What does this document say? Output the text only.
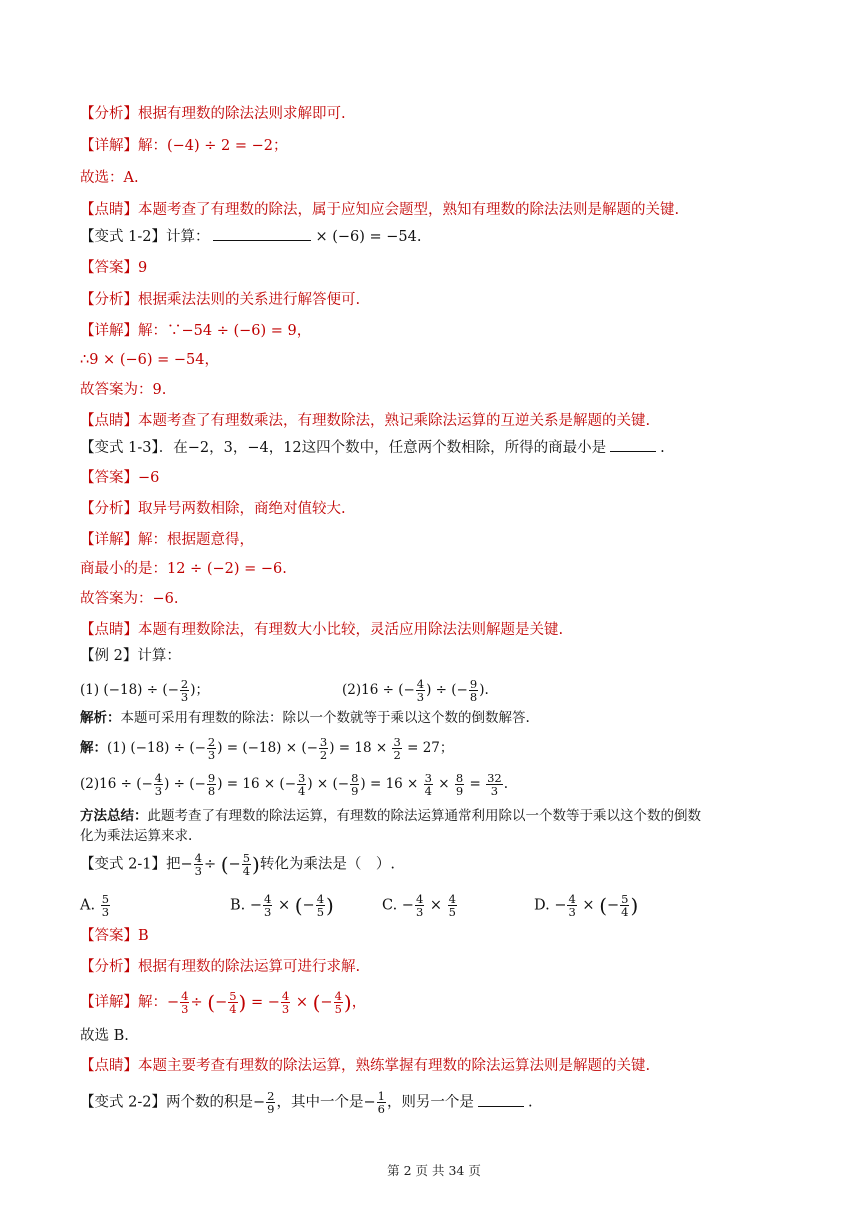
【分析】根据有理数的除法法则求解即可.
【详解】解：(−4) ÷ 2 = −2；
故选：A.
【点睛】本题考查了有理数的除法，属于应知应会题型，熟知有理数的除法法则是解题的关键.
【变式 1-2】计算：	× (−6) = −54.
【答案】9
【分析】根据乘法法则的关系进行解答便可.
【详解】解：∵−54 ÷ (−6) = 9，
∴9 × (−6) = −54，
故答案为：9.
【点睛】本题考查了有理数乘法，有理数除法，熟记乘除法运算的互逆关系是解题的关键.
【变式 1-3】．在−2，3，−4，12这四个数中，任意两个数相除，所得的商最小是	.
【答案】−6
【分析】取异号两数相除，商绝对值较大.
【详解】解：根据题意得，
商最小的是：12 ÷ (−2) = −6.
故答案为：−6.
【点睛】本题有理数除法，有理数大小比较，灵活应用除法法则解题是关键.
【例 2】计算：
(1) (−18) ÷ (− $\frac{2}{3}$ )；	(2)16 ÷ (− $\frac{4}{3}$ ) ÷ (− $\frac{9}{8}$ ).
解析：本题可采用有理数的除法：除以一个数就等于乘以这个数的倒数解答.
解：(1) (−18) ÷ (− $\frac{2}{3}$ ) = (−18) × (− $\frac{3}{2}$ ) = $18 \times \frac{3}{2} = 27$；
(2)16 ÷ (− $\frac{4}{3}$ ) ÷ (− $\frac{9}{8}$ ) = 16 × (− $\frac{3}{4}$ ) × (− $\frac{8}{9}$ ) = $16 \times \frac{3}{4} \times \frac{8}{9} = \frac{32}{3}$ .
方法总结：此题考查了有理数的除法运算，有理数的除法运算通常利用除以一个数等于乘以这个数的倒数
化为乘法运算来求.
【变式 2-1】把− $\frac{4}{3}$ ÷ (− $\frac{5}{4}$ )转化为乘法是（　）.
A. $\frac{5}{3}$	B. − $\frac{4}{3}$ × (− $\frac{4}{5}$ )	C. − $\frac{4}{3} \times \frac{4}{5}$	D. − $\frac{4}{3}$ × (− $\frac{5}{4}$ )
【答案】B
【分析】根据有理数的除法运算可进行求解.
【详解】解：− $\frac{4}{3}$ ÷ (− $\frac{5}{4}$ ) = − $\frac{4}{3}$ × (− $\frac{4}{5}$ )，
故选 B.
【点睛】本题主要考查有理数的除法运算，熟练掌握有理数的除法运算法则是解题的关键.
【变式 2-2】两个数的积是− $\frac{2}{9}$ ，其中一个是− $\frac{1}{6}$ ，则另一个是	.
第 2 页 共 34 页
